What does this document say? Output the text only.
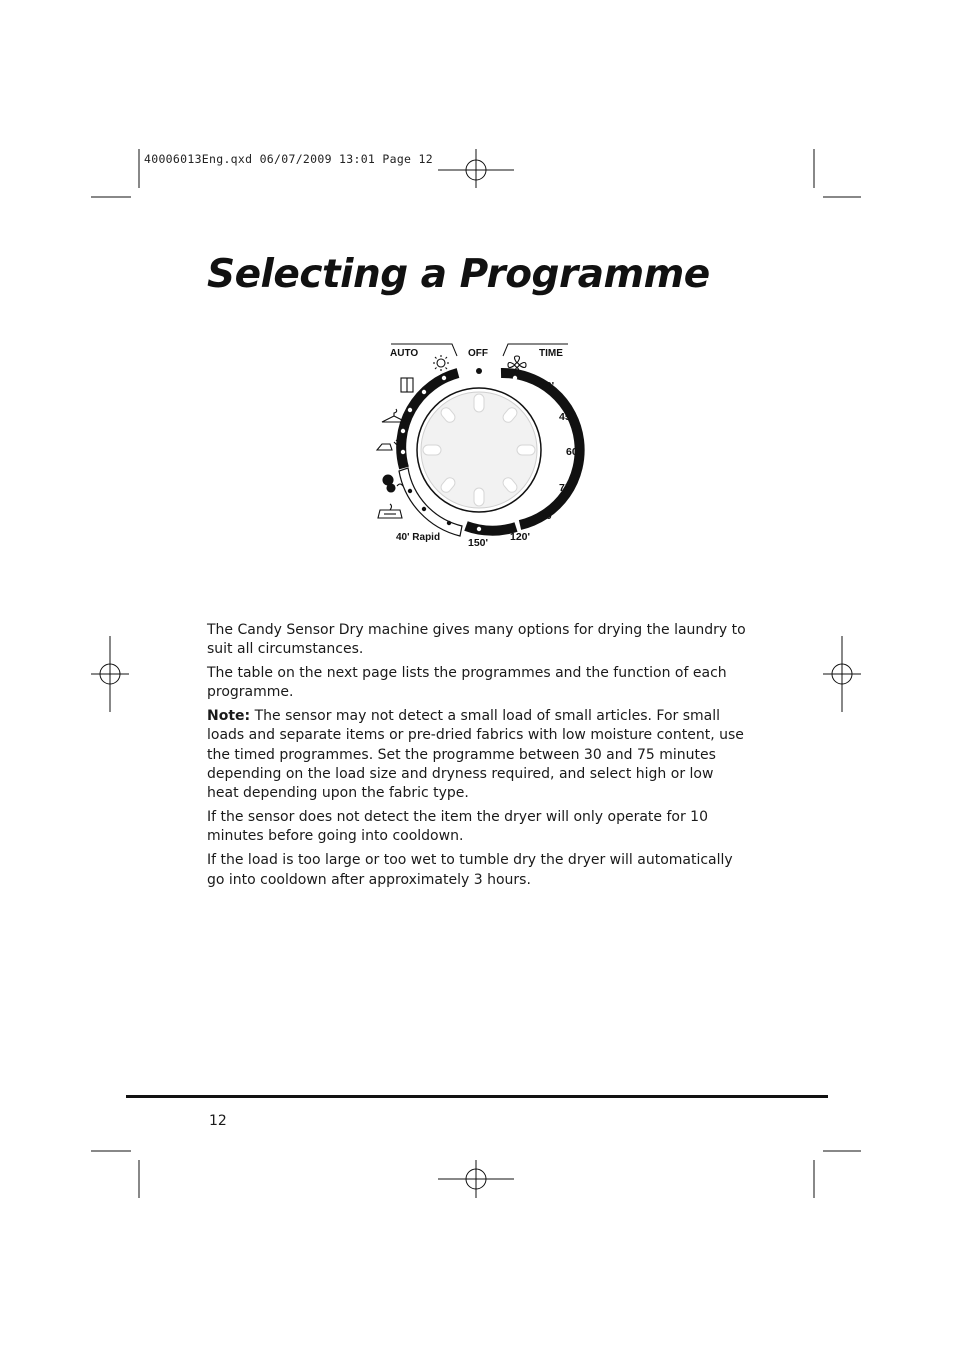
40006013Eng.qxd 06/07/2009 13:01 Page 12
Selecting a Programme
AUTO	OFF	TIME
30'
45'
60'
75'
90'
120'
150'
40' Rapid

The Candy Sensor Dry machine gives many options for drying the laundry to suit all circumstances.

The table on the next page lists the programmes and the function of each programme.

Note: The sensor may not detect a small load of small articles. For small loads and separate items or pre-dried fabrics with low moisture content, use the timed programmes. Set the programme between 30 and 75 minutes depending on the load size and dryness required, and select high or low heat depending upon the fabric type.

If the sensor does not detect the item the dryer will only operate for 10 minutes before going into cooldown.

If the load is too large or too wet to tumble dry the dryer will automatically go into cooldown after approximately 3 hours.

12
